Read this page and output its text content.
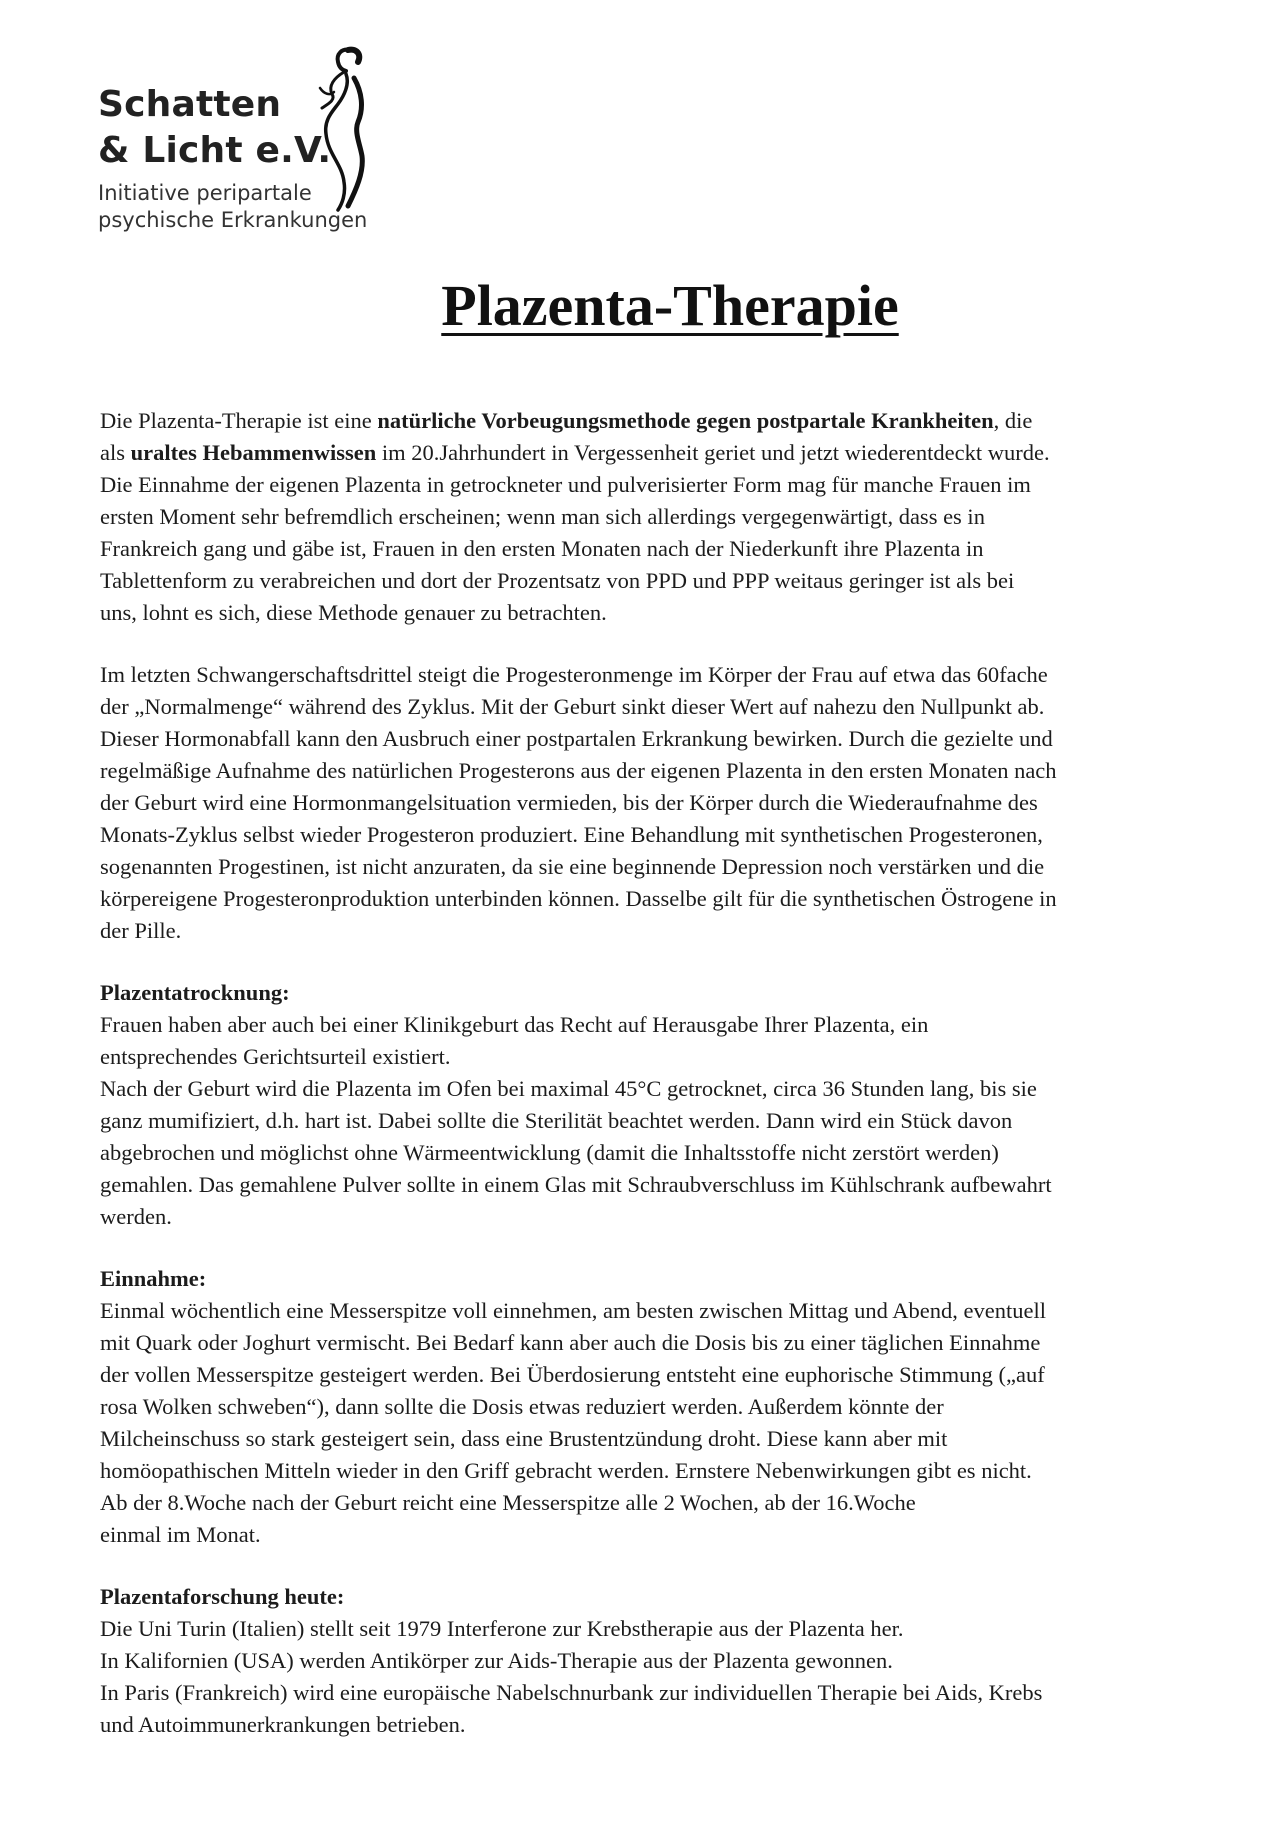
Schatten
& Licht e.V.
Initiative peripartale
psychische Erkrankungen
Plazenta-Therapie

Die Plazenta-Therapie ist eine natürliche Vorbeugungsmethode gegen postpartale Krankheiten, die
als uraltes Hebammenwissen im 20.Jahrhundert in Vergessenheit geriet und jetzt wiederentdeckt wurde.
Die Einnahme der eigenen Plazenta in getrockneter und pulverisierter Form mag für manche Frauen im
ersten Moment sehr befremdlich erscheinen; wenn man sich allerdings vergegenwärtigt, dass es in
Frankreich gang und gäbe ist, Frauen in den ersten Monaten nach der Niederkunft ihre Plazenta in
Tablettenform zu verabreichen und dort der Prozentsatz von PPD und PPP weitaus geringer ist als bei
uns, lohnt es sich, diese Methode genauer zu betrachten.

Im letzten Schwangerschaftsdrittel steigt die Progesteronmenge im Körper der Frau auf etwa das 60fache
der „Normalmenge“ während des Zyklus. Mit der Geburt sinkt dieser Wert auf nahezu den Nullpunkt ab.
Dieser Hormonabfall kann den Ausbruch einer postpartalen Erkrankung bewirken. Durch die gezielte und
regelmäßige Aufnahme des natürlichen Progesterons aus der eigenen Plazenta in den ersten Monaten nach
der Geburt wird eine Hormonmangelsituation vermieden, bis der Körper durch die Wiederaufnahme des
Monats-Zyklus selbst wieder Progesteron produziert. Eine Behandlung mit synthetischen Progesteronen,
sogenannten Progestinen, ist nicht anzuraten, da sie eine beginnende Depression noch verstärken und die
körpereigene Progesteronproduktion unterbinden können. Dasselbe gilt für die synthetischen Östrogene in
der Pille.

Plazentatrocknung:
Frauen haben aber auch bei einer Klinikgeburt das Recht auf Herausgabe Ihrer Plazenta, ein
entsprechendes Gerichtsurteil existiert.
Nach der Geburt wird die Plazenta im Ofen bei maximal 45°C getrocknet, circa 36 Stunden lang, bis sie
ganz mumifiziert, d.h. hart ist. Dabei sollte die Sterilität beachtet werden. Dann wird ein Stück davon
abgebrochen und möglichst ohne Wärmeentwicklung (damit die Inhaltsstoffe nicht zerstört werden)
gemahlen. Das gemahlene Pulver sollte in einem Glas mit Schraubverschluss im Kühlschrank aufbewahrt
werden.

Einnahme:
Einmal wöchentlich eine Messerspitze voll einnehmen, am besten zwischen Mittag und Abend, eventuell
mit Quark oder Joghurt vermischt. Bei Bedarf kann aber auch die Dosis bis zu einer täglichen Einnahme
der vollen Messerspitze gesteigert werden. Bei Überdosierung entsteht eine euphorische Stimmung („auf
rosa Wolken schweben“), dann sollte die Dosis etwas reduziert werden. Außerdem könnte der
Milcheinschuss so stark gesteigert sein, dass eine Brustentzündung droht. Diese kann aber mit
homöopathischen Mitteln wieder in den Griff gebracht werden. Ernstere Nebenwirkungen gibt es nicht.
Ab der 8.Woche nach der Geburt reicht eine Messerspitze alle 2 Wochen, ab der 16.Woche
einmal im Monat.

Plazentaforschung heute:
Die Uni Turin (Italien) stellt seit 1979 Interferone zur Krebstherapie aus der Plazenta her.
In Kalifornien (USA) werden Antikörper zur Aids-Therapie aus der Plazenta gewonnen.
In Paris (Frankreich) wird eine europäische Nabelschnurbank zur individuellen Therapie bei Aids, Krebs
und Autoimmunerkrankungen betrieben.
